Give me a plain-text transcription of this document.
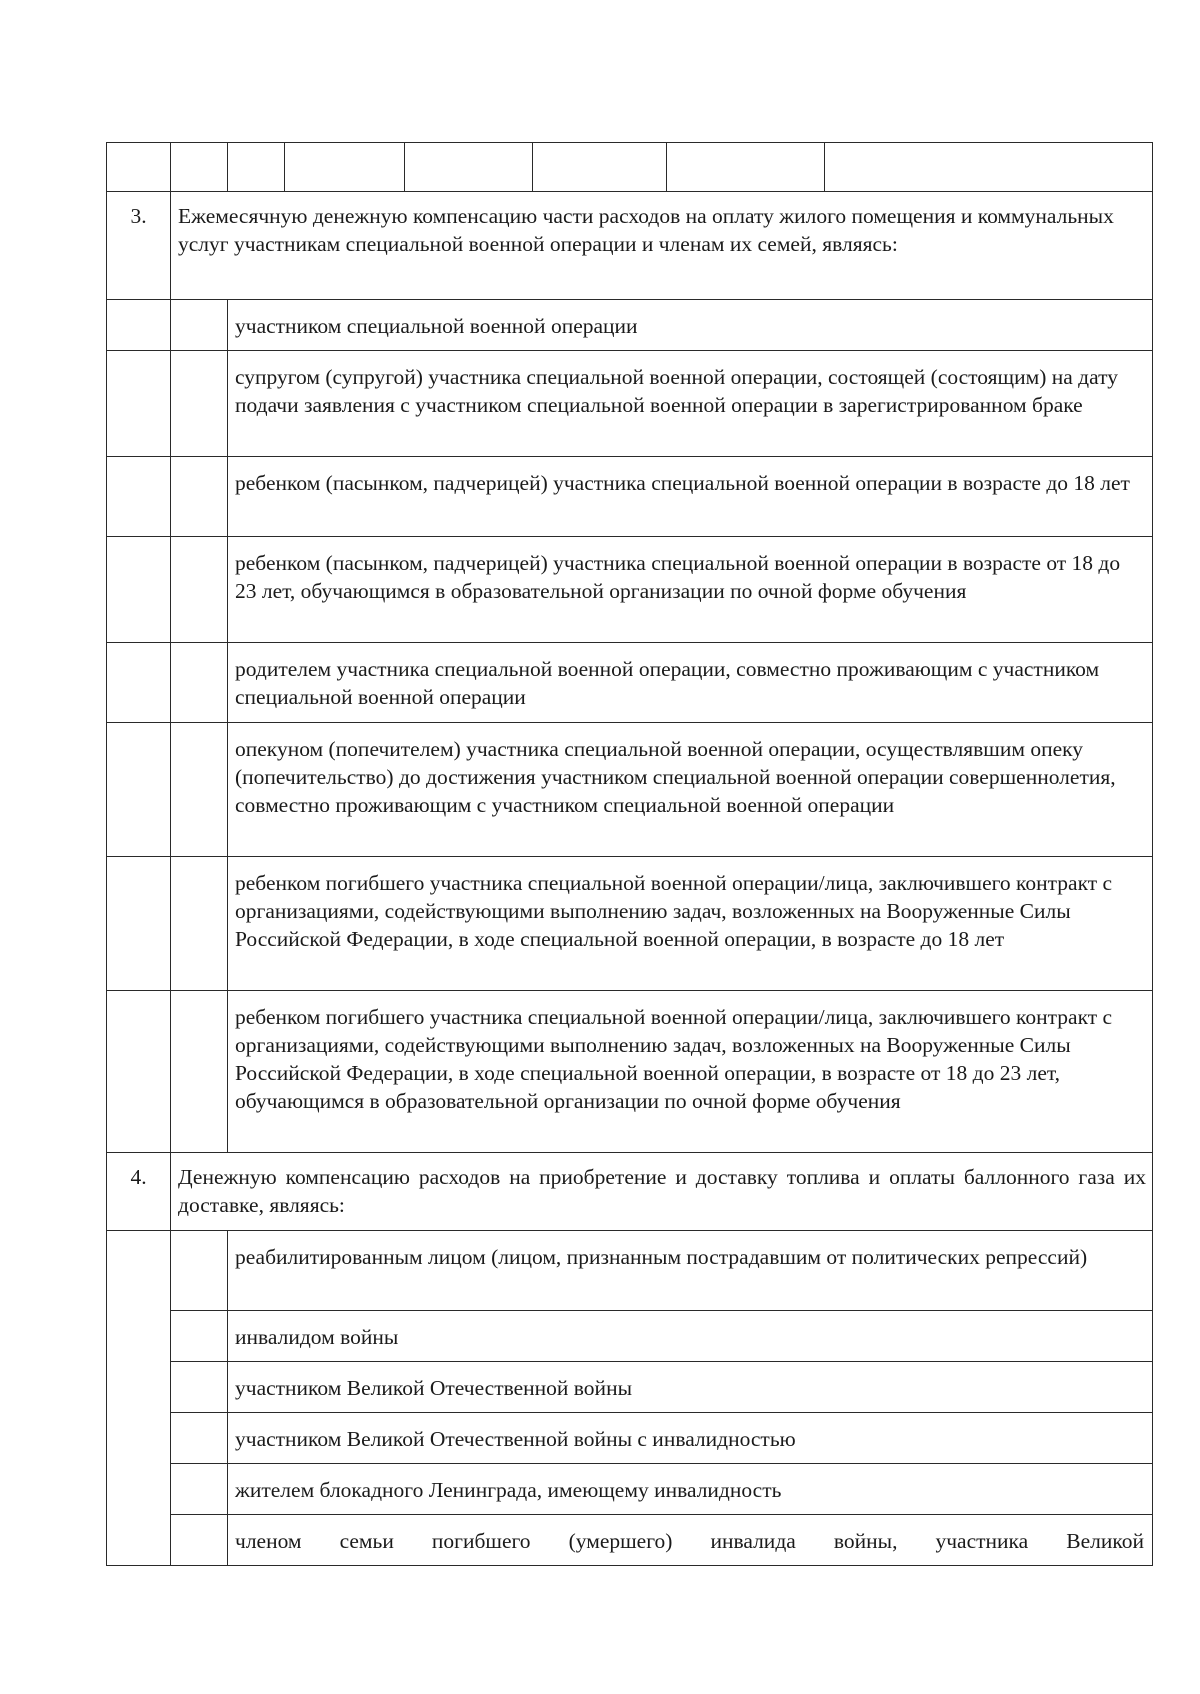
3.	Ежемесячную денежную компенсацию части расходов на оплату жилого помещения и коммунальных услуг участникам специальной военной операции и членам их семей, являясь:						
		участником специальной военной операции					
		супругом (супругой) участника специальной военной операции, состоящей (состоящим) на дату подачи заявления с участником специальной военной операции в зарегистрированном браке					
		ребенком (пасынком, падчерицей) участника специальной военной операции в возрасте до 18 лет					
		ребенком (пасынком, падчерицей) участника специальной военной операции в возрасте от 18 до 23 лет, обучающимся в образовательной организации по очной форме обучения					
		родителем участника специальной военной операции, совместно проживающим с участником специальной военной операции					
		опекуном (попечителем) участника специальной военной операции, осуществлявшим опеку (попечительство) до достижения участником специальной военной операции совершеннолетия, совместно проживающим с участником специальной военной операции					
		ребенком погибшего участника специальной военной операции/лица, заключившего контракт с организациями, содействующими выполнению задач, возложенных на Вооруженные Силы Российской Федерации, в ходе специальной военной операции, в возрасте до 18 лет					
		ребенком погибшего участника специальной военной операции/лица, заключившего контракт с организациями, содействующими выполнению задач, возложенных на Вооруженные Силы Российской Федерации, в ходе специальной военной операции, в возрасте от 18 до 23 лет, обучающимся в образовательной организации по очной форме обучения					
4.	Денежную компенсацию расходов на приобретение и доставку топлива и оплаты баллонного газа их доставке, являясь:						
		реабилитированным лицом (лицом, признанным пострадавшим от политических репрессий)					
		инвалидом войны					
		участником Великой Отечественной войны					
		участником Великой Отечественной войны с инвалидностью					
		жителем блокадного Ленинграда, имеющему инвалидность					
		членом семьи погибшего (умершего) инвалида войны, участника Великой					
